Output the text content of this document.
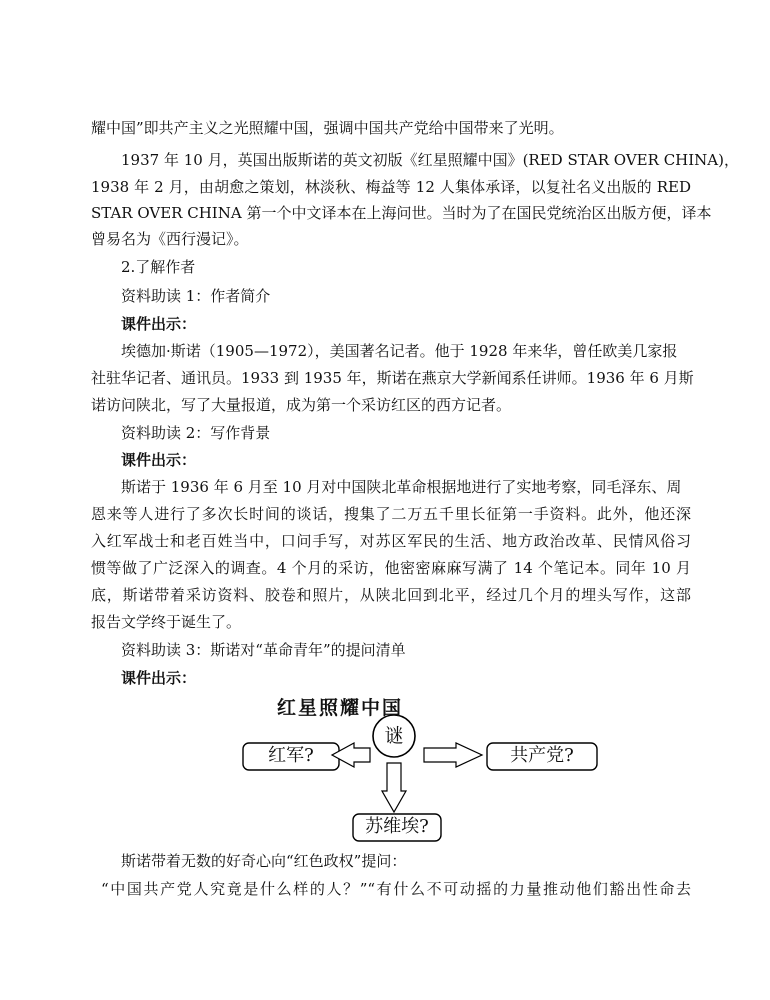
耀中国”即共产主义之光照耀中国，强调中国共产党给中国带来了光明。
1937 年 10 月，英国出版斯诺的英文初版《红星照耀中国》(RED STAR OVER CHINA)，
1938 年 2 月，由胡愈之策划，林淡秋、梅益等 12 人集体承译，以复社名义出版的 RED
STAR OVER CHINA 第一个中文译本在上海问世。当时为了在国民党统治区出版方便，译本
曾易名为《西行漫记》。
2.了解作者
资料助读 1：作者简介
课件出示：
埃德加·斯诺（1905—1972），美国著名记者。他于 1928 年来华，曾任欧美几家报
社驻华记者、通讯员。1933 到 1935 年，斯诺在燕京大学新闻系任讲师。1936 年 6 月斯
诺访问陕北，写了大量报道，成为第一个采访红区的西方记者。
资料助读 2：写作背景
课件出示：
斯诺于 1936 年 6 月至 10 月对中国陕北革命根据地进行了实地考察，同毛泽东、周
恩来等人进行了多次长时间的谈话，搜集了二万五千里长征第一手资料。此外，他还深
入红军战士和老百姓当中，口问手写，对苏区军民的生活、地方政治改革、民情风俗习
惯等做了广泛深入的调查。4 个月的采访，他密密麻麻写满了 14 个笔记本。同年 10 月
底，斯诺带着采访资料、胶卷和照片，从陕北回到北平，经过几个月的埋头写作，这部
报告文学终于诞生了。
资料助读 3：斯诺对“革命青年”的提问清单
课件出示：
红星照耀中国
谜
红军?	共产党?
苏维埃?
斯诺带着无数的好奇心向“红色政权”提问：
“中国共产党人究竟是什么样的人？”“有什么不可动摇的力量推动他们豁出性命去
